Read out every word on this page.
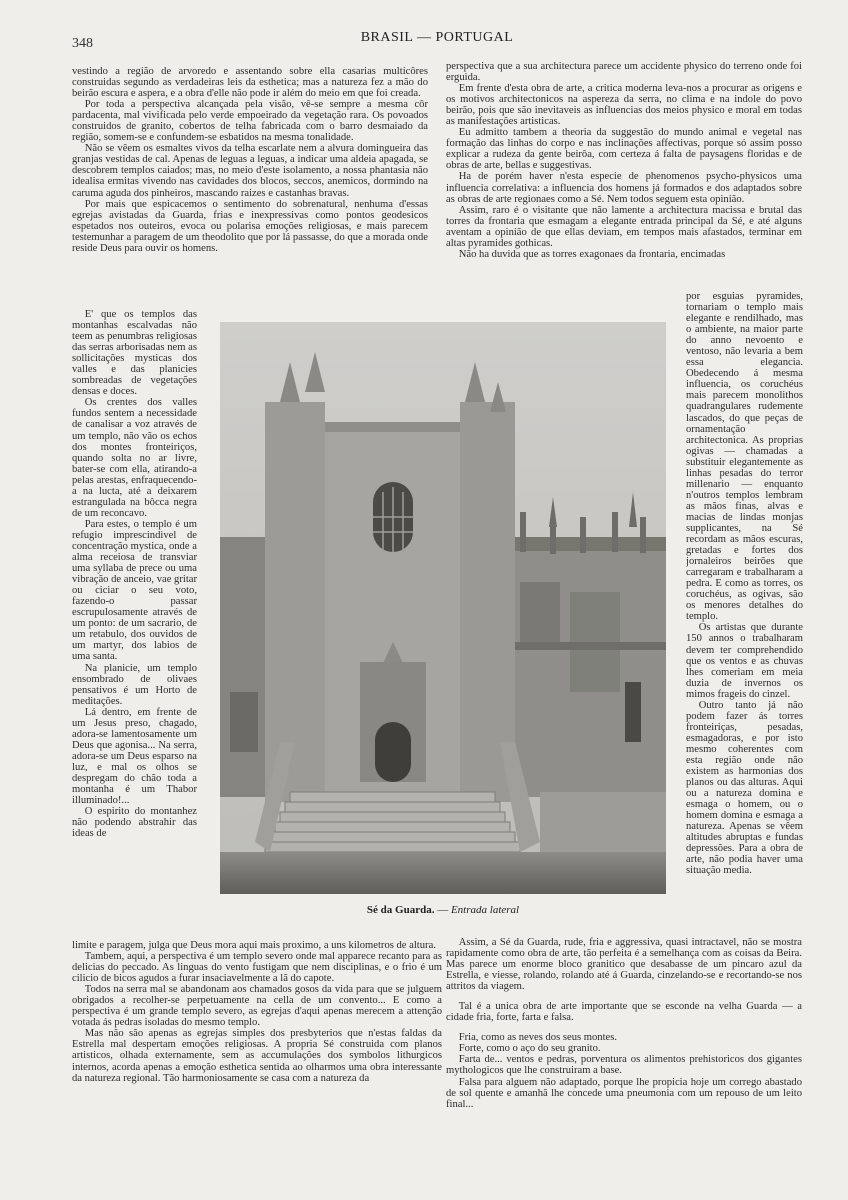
348	BRASIL — PORTUGAL

vestindo a região de arvoredo e assentando sobre ella casarias multicôres construidas segundo as verdadeiras leis da esthetica; mas a natureza fez a mão do beirão escura e aspera, e a obra d'elle não pode ir além do meio em que foi creada.

Por toda a perspectiva alcançada pela visão, vê-se sempre a mesma côr pardacenta, mal vivificada pelo verde empoeirado da vegetação rara. Os povoados construidos de granito, cobertos de telha fabricada com o barro desmaiado da região, somem-se e confundem-se esbatidos na mesma tonalidade.

Não se vêem os esmaltes vivos da telha escarlate nem a alvura domingueira das granjas vestidas de cal. Apenas de leguas a leguas, a indicar uma aldeia apagada, se descobrem templos caiados; mas, no meio d'este isolamento, a nossa phantasia não idealisa ermitas vivendo nas cavidades dos blocos, seccos, anemicos, dormindo na caruma aguda dos pinheiros, mascando raizes e castanhas bravas.

Por mais que espicacemos o sentimento do sobrenatural, nenhuma d'essas egrejas avistadas da Guarda, frias e inexpressivas como pontos geodesicos espetados nos outeiros, evoca ou polarisa emoções religiosas, e mais parecem testemunhar a paragem de um theodolito que por lá passasse, do que a morada onde reside Deus para ouvir os homens.

perspectiva que a sua architectura parece um accidente physico do terreno onde foi erguida.

Em frente d'esta obra de arte, a critica moderna leva-nos a procurar as origens e os motivos architectonicos na aspereza da serra, no clima e na indole do povo beirão, pois que são inevitaveis as influencias dos meios physico e moral em todas as manifestações artisticas.

Eu admitto tambem a theoria da suggestão do mundo animal e vegetal nas formação das linhas do corpo e nas inclinações affectivas, porque só assim posso explicar a rudeza da gente beirôa, com certeza á falta de paysagens floridas e de obras de arte, bellas e suggestivas.

Ha de porém haver n'esta especie de phenomenos psycho-physicos uma influencia correlativa: a influencia dos homens já formados e dos adaptados sobre as obras de arte regionaes como a Sé. Nem todos seguem esta opinião.

Assim, raro é o visitante que não lamente a architectura macissa e brutal das torres da frontaria que esmagam a elegante entrada principal da Sé, e até alguns aventam a opinião de que ellas deviam, em tempos mais afastados, terminar em altas pyramides gothicas.

Não ha duvida que as torres exagonaes da frontaria, encimadas

E' que os templos das montanhas escalvadas não teem as penumbras religiosas das serras arborisadas nem as sollicitações mysticas dos valles e das planicies sombreadas de vegetações densas e doces.

Os crentes dos valles fundos sentem a necessidade de canalisar a voz através de um templo, não vão os echos dos montes fronteiriços, quando solta no ar livre, bater-se com ella, atirando-a pelas arestas, enfraquecendo-a na lucta, até a deixarem estrangulada na bôcca negra de um reconcavo.

Para estes, o templo é um refugio imprescindivel de concentração mystica, onde a alma receiosa de transviar uma syllaba de prece ou uma vibração de anceio, vae gritar ou ciciar o seu voto, fazendo-o passar escrupulosamente através de um ponto: de um sacrario, de um retabulo, dos ouvidos de um martyr, dos labios de uma santa.

Na planicie, um templo ensombrado de olivaes pensativos é um Horto de meditações.

Lá dentro, em frente de um Jesus preso, chagado, adora-se lamentosamente um Deus que agonisa... Na serra, adora-se um Deus esparso na luz, e mal os olhos se despregam do chão toda a montanha é um Thabor illuminado!...

O espirito do montanhez não podendo abstrahir das ideas de

Sé da Guarda. — Entrada lateral

por esguias pyramides, tornariam o templo mais elegante e rendilhado, mas o ambiente, na maior parte do anno nevoento e ventoso, não levaria a bem essa elegancia. Obedecendo á mesma influencia, os coruchéus mais parecem monolithos quadrangulares rudemente lascados, do que peças de ornamentação architectonica. As proprias ogivas — chamadas a substituir elegantemente as linhas pesadas do terror millenario — enquanto n'outros templos lembram as mãos finas, alvas e macias de lindas monjas supplicantes, na Sé recordam as mãos escuras, gretadas e fortes dos jornaleiros beirões que carregaram e trabalharam a pedra. E como as torres, os coruchéus, as ogivas, são os menores detalhes do templo.

Os artistas que durante 150 annos o trabalharam devem ter comprehendido que os ventos e as chuvas lhes comeriam em meia duzia de invernos os mimos frageis do cinzel.

Outro tanto já não podem fazer ás torres fronteiriças, pesadas, esmagadoras, e por isto mesmo coherentes com esta região onde não existem as harmonias dos planos ou das alturas. Aqui ou a natureza domina e esmaga o homem, ou o homem domina e esmaga a natureza. Apenas se vêem altitudes abruptas e fundas depressões. Para a obra de arte, não podia haver uma situação media.

limite e paragem, julga que Deus mora aqui mais proximo, a uns kilometros de altura.

Tambem, aqui, a perspectiva é um templo severo onde mal apparece recanto para as delicias do peccado. As linguas do vento fustigam que nem disciplinas, e o frio é um cilicio de bicos agudos a furar insaciavelmente a lã do capote.

Todos na serra mal se abandonam aos chamados gosos da vida para que se julguem obrigados a recolher-se perpetuamente na cella de um convento... E como a perspectiva é um grande templo severo, as egrejas d'aqui apenas merecem a attenção votada ás pedras isoladas do mesmo templo.

Mas não são apenas as egrejas simples dos presbyterios que n'estas faldas da Estrella mal despertam emoções religiosas. A propria Sé construida com planos artisticos, olhada externamente, sem as accumulações dos symbolos lithurgicos internos, acorda apenas a emoção esthetica sentida ao olharmos uma obra interessante da natureza regional. Tão harmoniosamente se casa com a natureza da

Assim, a Sé da Guarda, rude, fria e aggressiva, quasi intractavel, não se mostra rapidamente como obra de arte, tão perfeita é a semelhança com as coisas da Beira. Mas parece um enorme bloco granitico que desabasse de um pincaro azul da Estrella, e viesse, rolando, rolando até á Guarda, cinzelando-se e recortando-se nos attritos da viagem.

Tal é a unica obra de arte importante que se esconde na velha Guarda — a cidade fria, forte, farta e falsa.

Fria, como as neves dos seus montes.

Forte, como o aço do seu granito.

Farta de... ventos e pedras, porventura os alimentos prehistoricos dos gigantes mythologicos que lhe construiram a base.

Falsa para alguem não adaptado, porque lhe propicia hoje um corrego abastado de sol quente e amanhã lhe concede uma pneumonia com um repouso de um leito final...
